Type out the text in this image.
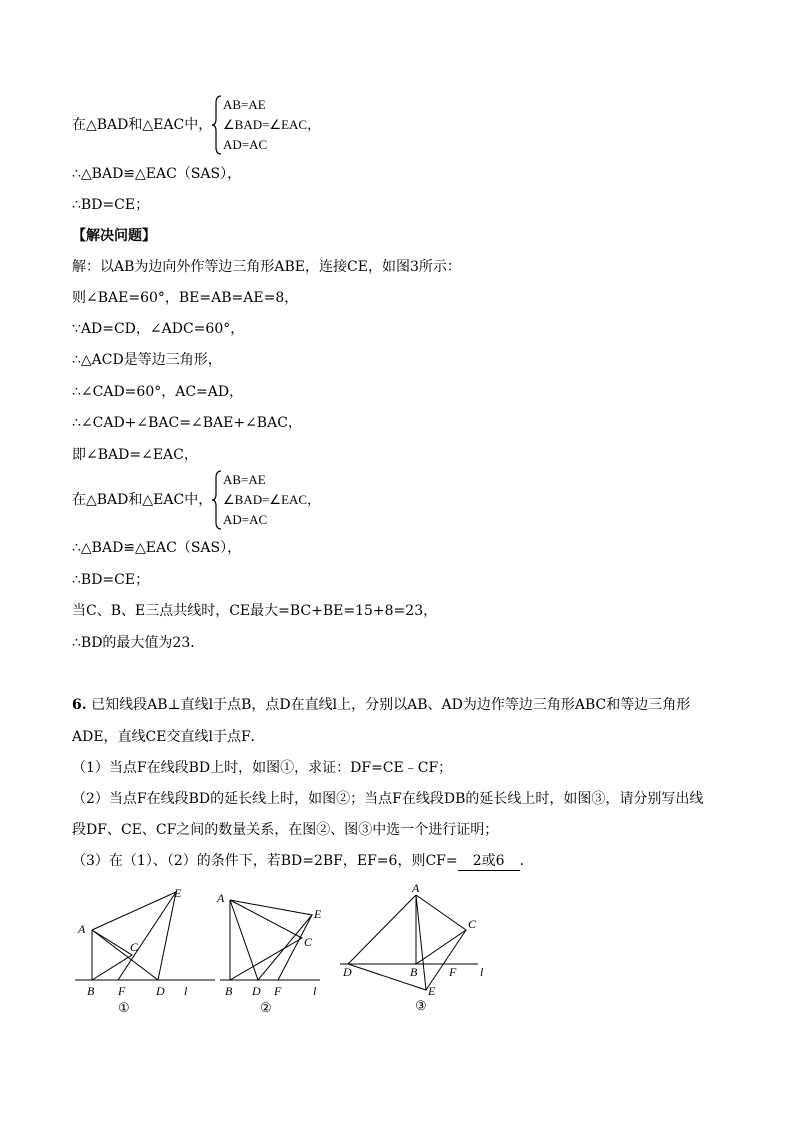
在△BAD和△EAC中，
AB=AE
∠BAD=∠EAC，
AD=AC
∴△BAD≌△EAC（SAS），
∴BD=CE；
【解决问题】
解：以AB为边向外作等边三角形ABE，连接CE，如图3所示：
则∠BAE=60°，BE=AB=AE=8，
∵AD=CD，∠ADC=60°，
∴△ACD是等边三角形，
∴∠CAD=60°，AC=AD，
∴∠CAD+∠BAC=∠BAE+∠BAC，
即∠BAD=∠EAC，
在△BAD和△EAC中，
AB=AE
∠BAD=∠EAC，
AD=AC
∴△BAD≌△EAC（SAS），
∴BD=CE；
当C、B、E三点共线时，CE最大=BC+BE=15+8=23，
∴BD的最大值为23．
6. 已知线段AB⊥直线l于点B，点D在直线l上，分别以AB、AD为边作等边三角形ABC和等边三角形
ADE，直线CE交直线l于点F．
（1）当点F在线段BD上时，如图①，求证：DF=CE﹣CF；
（2）当点F在线段BD的延长线上时，如图②；当点F在线段DB的延长线上时，如图③，请分别写出线
段DF、CE、CF之间的数量关系，在图②、图③中选一个进行证明；
（3）在（1）、（2）的条件下，若BD=2BF，EF=6，则CF= 2或6 ．
A
E
C
B F	D l
①
A
E
C
B D F	l
②
A
C
D	B	F l
E
③
